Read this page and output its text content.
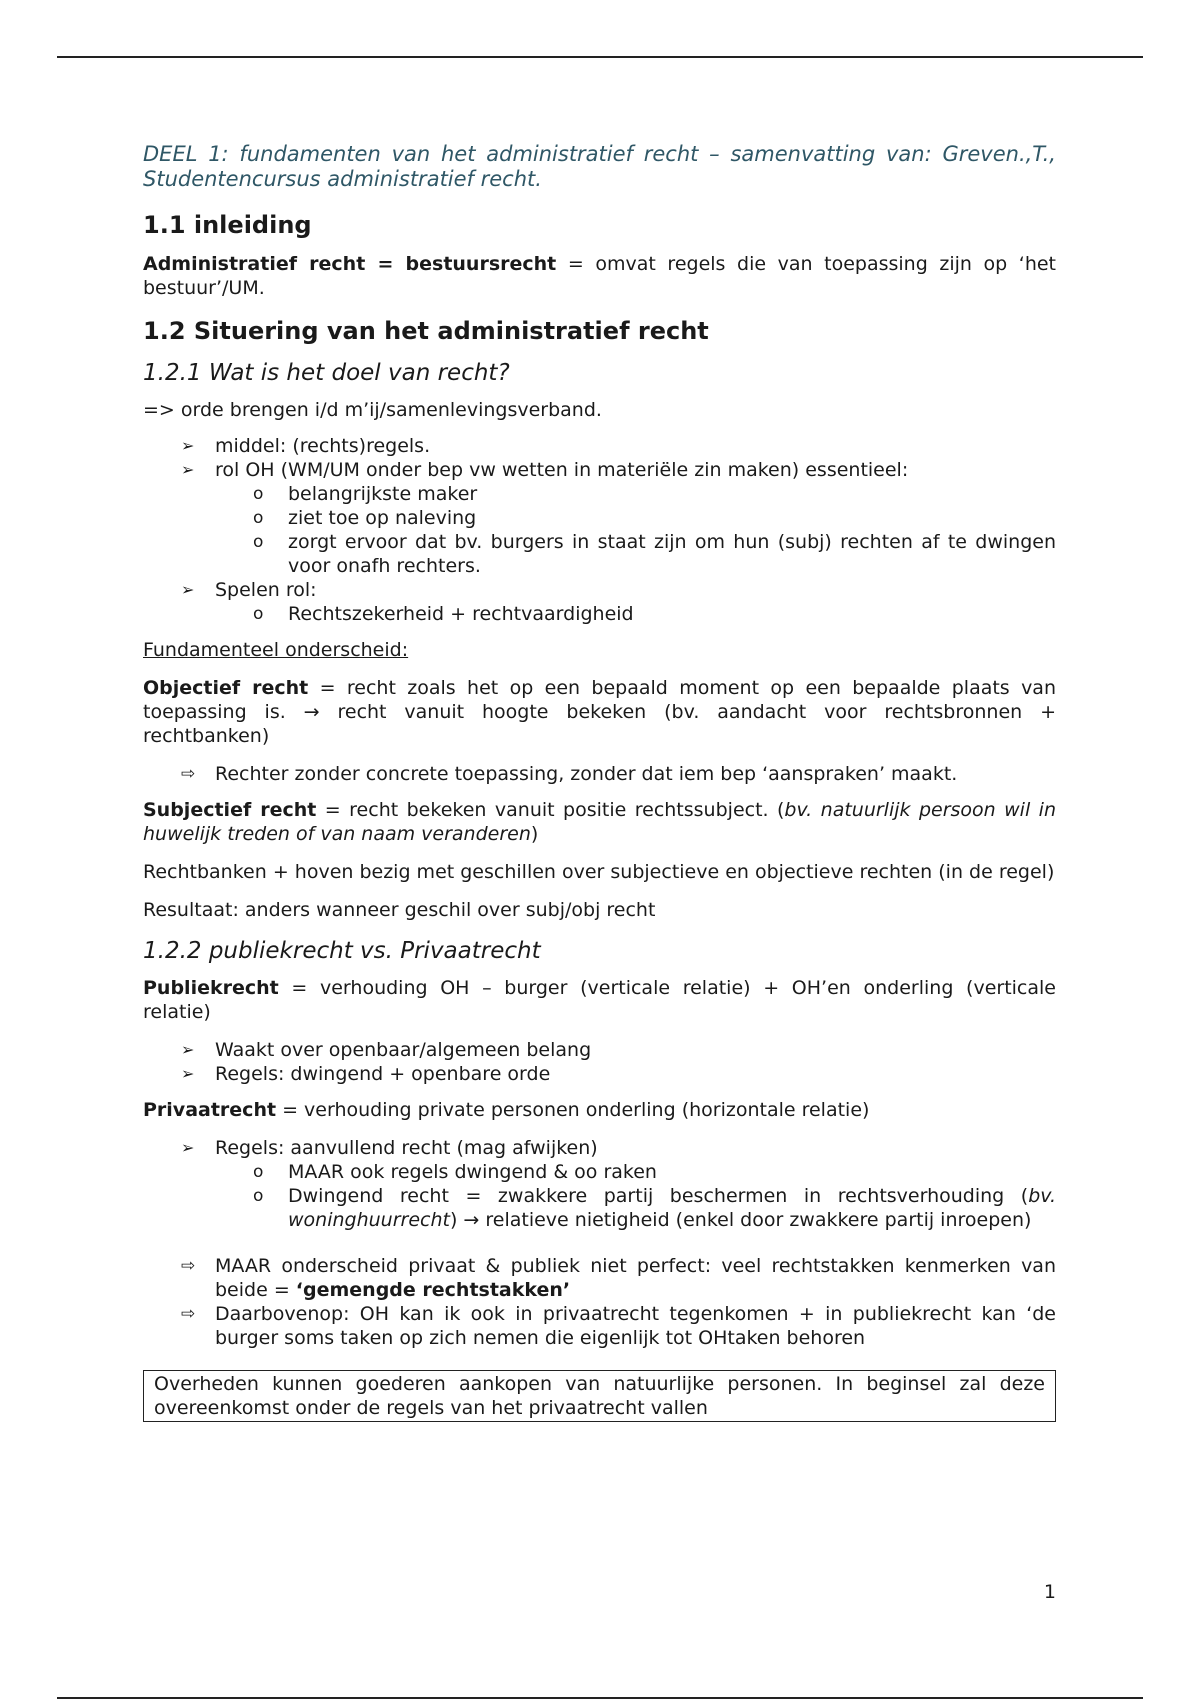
DEEL 1: fundamenten van het administratief recht – samenvatting van: Greven.,T., Studentencursus administratief recht.
1.1 inleiding

Administratief recht = bestuursrecht = omvat regels die van toepassing zijn op ‘het bestuur’/UM.

1.2 Situering van het administratief recht
1.2.1 Wat is het doel van recht?

=> orde brengen i/d m’ij/samenlevingsverband.

➢ middel: (rechts)regels.
➢ rol OH (WM/UM onder bep vw wetten in materiële zin maken) essentieel:
o belangrijkste maker
o ziet toe op naleving
o zorgt ervoor dat bv. burgers in staat zijn om hun (subj) rechten af te dwingen voor onafh rechters.
➢ Spelen rol:
o Rechtszekerheid + rechtvaardigheid

Fundamenteel onderscheid:

Objectief recht = recht zoals het op een bepaald moment op een bepaalde plaats van toepassing is. → recht vanuit hoogte bekeken (bv. aandacht voor rechtsbronnen + rechtbanken)

⇨ Rechter zonder concrete toepassing, zonder dat iem bep ‘aanspraken’ maakt.

Subjectief recht = recht bekeken vanuit positie rechtssubject. (bv. natuurlijk persoon wil in huwelijk treden of van naam veranderen)

Rechtbanken + hoven bezig met geschillen over subjectieve en objectieve rechten (in de regel)

Resultaat: anders wanneer geschil over subj/obj recht

1.2.2 publiekrecht vs. Privaatrecht

Publiekrecht = verhouding OH – burger (verticale relatie) + OH’en onderling (verticale relatie)

➢ Waakt over openbaar/algemeen belang
➢ Regels: dwingend + openbare orde

Privaatrecht = verhouding private personen onderling (horizontale relatie)

➢ Regels: aanvullend recht (mag afwijken)
o MAAR ook regels dwingend & oo raken
o Dwingend recht = zwakkere partij beschermen in rechtsverhouding (bv. woninghuurrecht) → relatieve nietigheid (enkel door zwakkere partij inroepen)
⇨ MAAR onderscheid privaat & publiek niet perfect: veel rechtstakken kenmerken van beide = ‘gemengde rechtstakken’
⇨ Daarbovenop: OH kan ik ook in privaatrecht tegenkomen + in publiekrecht kan ‘de burger soms taken op zich nemen die eigenlijk tot OHtaken behoren
Overheden kunnen goederen aankopen van natuurlijke personen. In beginsel zal deze overeenkomst onder de regels van het privaatrecht vallen
1
